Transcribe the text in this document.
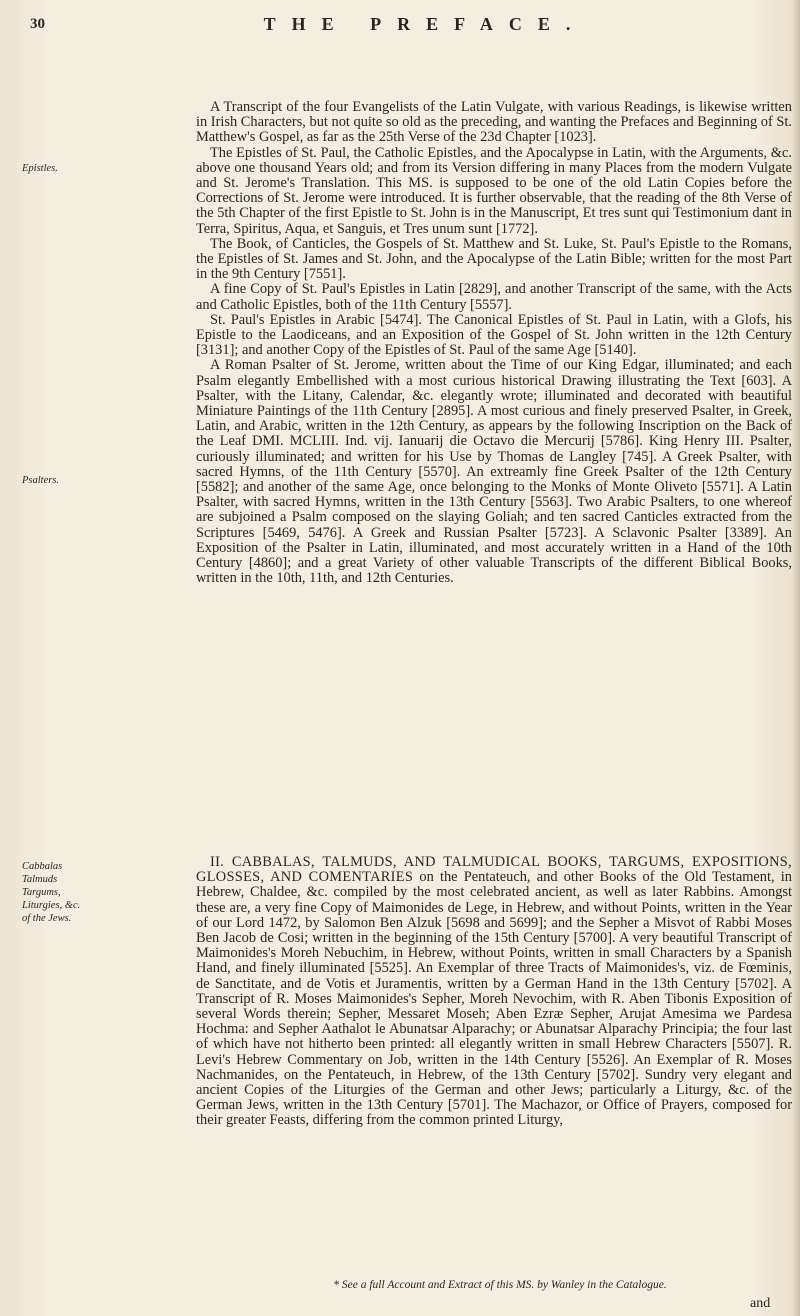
30	THE PREFACE.
Epistles.
Psalters.
Cabbalas Talmuds Targums, Liturgies, &c. of the Jews.

A Transcript of the four Evangelists of the Latin Vulgate, with various Readings, is likewise written in Irish Characters, but not quite so old as the preceding, and wanting the Prefaces and Beginning of St. Matthew's Gospel, as far as the 25th Verse of the 23d Chapter [1023].

The Epistles of St. Paul, the Catholic Epistles, and the Apocalypse in Latin, with the Arguments, &c. above one thousand Years old; and from its Version differing in many Places from the modern Vulgate and St. Jerome's Translation. This MS. is supposed to be one of the old Latin Copies before the Corrections of St. Jerome were introduced. It is further observable, that the reading of the 8th Verse of the 5th Chapter of the first Epistle to St. John is in the Manuscript, Et tres sunt qui Testimonium dant in Terra, Spiritus, Aqua, et Sanguis, et Tres unum sunt [1772].

The Book, of Canticles, the Gospels of St. Matthew and St. Luke, St. Paul's Epistle to the Romans, the Epistles of St. James and St. John, and the Apocalypse of the Latin Bible; written for the most Part in the 9th Century [7551].

A fine Copy of St. Paul's Epistles in Latin [2829], and another Transcript of the same, with the Acts and Catholic Epistles, both of the 11th Century [5557].

St. Paul's Epistles in Arabic [5474]. The Canonical Epistles of St. Paul in Latin, with a Glofs, his Epistle to the Laodiceans, and an Exposition of the Gospel of St. John written in the 12th Century [3131]; and another Copy of the Epistles of St. Paul of the same Age [5140].

A Roman Psalter of St. Jerome, written about the Time of our King Edgar, illuminated; and each Psalm elegantly Embellished with a most curious historical Drawing illustrating the Text [603]. A Psalter, with the Litany, Calendar, &c. elegantly wrote; illuminated and decorated with beautiful Miniature Paintings of the 11th Century [2895]. A most curious and finely preserved Psalter, in Greek, Latin, and Arabic, written in the 12th Century, as appears by the following Inscription on the Back of the Leaf DMI. MCLIII. Ind. vij. Ianuarij die Octavo die Mercurij [5786]. King Henry III. Psalter, curiously illuminated; and written for his Use by Thomas de Langley [745]. A Greek Psalter, with sacred Hymns, of the 11th Century [5570]. An extreamly fine Greek Psalter of the 12th Century [5582]; and another of the same Age, once belonging to the Monks of Monte Oliveto [5571]. A Latin Psalter, with sacred Hymns, written in the 13th Century [5563]. Two Arabic Psalters, to one whereof are subjoined a Psalm composed on the slaying Goliah; and ten sacred Canticles extracted from the Scriptures [5469, 5476]. A Greek and Russian Psalter [5723]. A Sclavonic Psalter [3389]. An Exposition of the Psalter in Latin, illuminated, and most accurately written in a Hand of the 10th Century [4860]; and a great Variety of other valuable Transcripts of the different Biblical Books, written in the 10th, 11th, and 12th Centuries.

II. CABBALAS, TALMUDS, AND TALMUDICAL BOOKS, TARGUMS, EXPOSITIONS, GLOSSES, AND COMENTARIES on the Pentateuch, and other Books of the Old Testament, in Hebrew, Chaldee, &c. compiled by the most celebrated ancient, as well as later Rabbins. Amongst these are, a very fine Copy of Maimonides de Lege, in Hebrew, and without Points, written in the Year of our Lord 1472, by Salomon Ben Alzuk [5698 and 5699]; and the Sepher a Misvot of Rabbi Moses Ben Jacob de Cosi; written in the beginning of the 15th Century [5700]. A very beautiful Transcript of Maimonides's Moreh Nebuchim, in Hebrew, without Points, written in small Characters by a Spanish Hand, and finely illuminated [5525]. An Exemplar of three Tracts of Maimonides's, viz. de Fœminis, de Sanctitate, and de Votis et Juramentis, written by a German Hand in the 13th Century [5702]. A Transcript of R. Moses Maimonides's Sepher, Moreh Nevochim, with R. Aben Tibonis Exposition of several Words therein; Sepher, Messaret Moseh; Aben Ezræ Sepher, Arujat Amesima we Pardesa Hochma: and Sepher Aathalot le Abunatsar Alparachy; or Abunatsar Alparachy Principia; the four last of which have not hitherto been printed: all elegantly written in small Hebrew Characters [5507]. R. Levi's Hebrew Commentary on Job, written in the 14th Century [5526]. An Exemplar of R. Moses Nachmanides, on the Pentateuch, in Hebrew, of the 13th Century [5702]. Sundry very elegant and ancient Copies of the Liturgies of the German and other Jews; particularly a Liturgy, &c. of the German Jews, written in the 13th Century [5701]. The Machazor, or Office of Prayers, composed for their greater Feasts, differing from the common printed Liturgy,

* See a full Account and Extract of this MS. by Wanley in the Catalogue.
and
